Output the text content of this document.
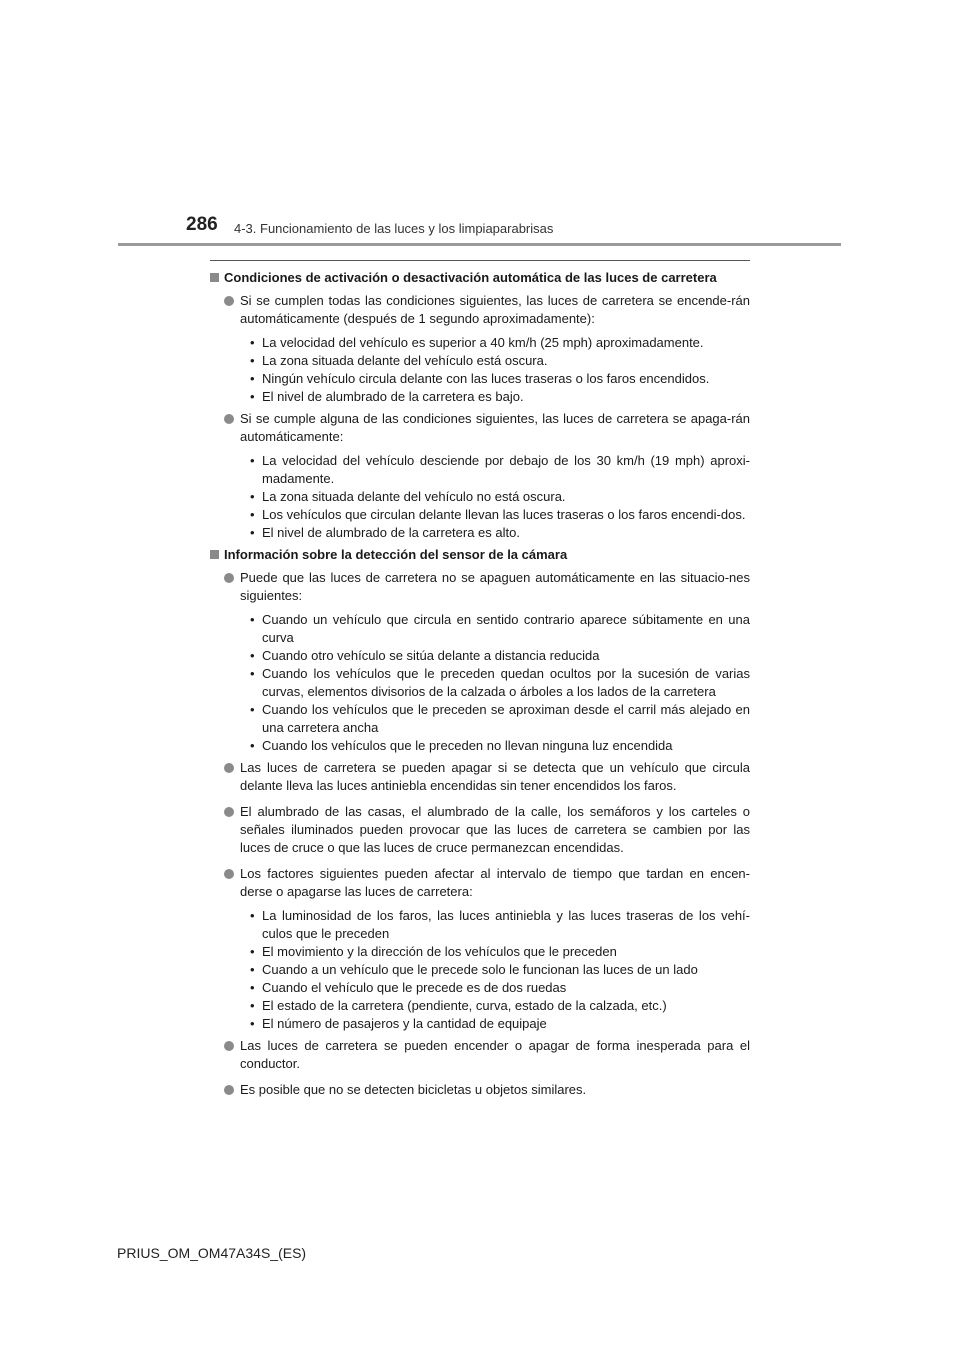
286 4-3. Funcionamiento de las luces y los limpiaparabrisas
Condiciones de activación o desactivación automática de las luces de carretera
Si se cumplen todas las condiciones siguientes, las luces de carretera se encende-rán automáticamente (después de 1 segundo aproximadamente):
• La velocidad del vehículo es superior a 40 km/h (25 mph) aproximadamente.
• La zona situada delante del vehículo está oscura.
• Ningún vehículo circula delante con las luces traseras o los faros encendidos.
• El nivel de alumbrado de la carretera es bajo.
Si se cumple alguna de las condiciones siguientes, las luces de carretera se apaga-rán automáticamente:
• La velocidad del vehículo desciende por debajo de los 30 km/h (19 mph) aproxi-madamente.
• La zona situada delante del vehículo no está oscura.
• Los vehículos que circulan delante llevan las luces traseras o los faros encendi-dos.
• El nivel de alumbrado de la carretera es alto.
Información sobre la detección del sensor de la cámara
Puede que las luces de carretera no se apaguen automáticamente en las situacio-nes siguientes:
• Cuando un vehículo que circula en sentido contrario aparece súbitamente en una curva
• Cuando otro vehículo se sitúa delante a distancia reducida
• Cuando los vehículos que le preceden quedan ocultos por la sucesión de varias curvas, elementos divisorios de la calzada o árboles a los lados de la carretera
• Cuando los vehículos que le preceden se aproximan desde el carril más alejado en una carretera ancha
• Cuando los vehículos que le preceden no llevan ninguna luz encendida
Las luces de carretera se pueden apagar si se detecta que un vehículo que circula delante lleva las luces antiniebla encendidas sin tener encendidos los faros.
El alumbrado de las casas, el alumbrado de la calle, los semáforos y los carteles o señales iluminados pueden provocar que las luces de carretera se cambien por las luces de cruce o que las luces de cruce permanezcan encendidas.
Los factores siguientes pueden afectar al intervalo de tiempo que tardan en encen-derse o apagarse las luces de carretera:
• La luminosidad de los faros, las luces antiniebla y las luces traseras de los vehí-culos que le preceden
• El movimiento y la dirección de los vehículos que le preceden
• Cuando a un vehículo que le precede solo le funcionan las luces de un lado
• Cuando el vehículo que le precede es de dos ruedas
• El estado de la carretera (pendiente, curva, estado de la calzada, etc.)
• El número de pasajeros y la cantidad de equipaje
Las luces de carretera se pueden encender o apagar de forma inesperada para el conductor.
Es posible que no se detecten bicicletas u objetos similares.
PRIUS_OM_OM47A34S_(ES)
